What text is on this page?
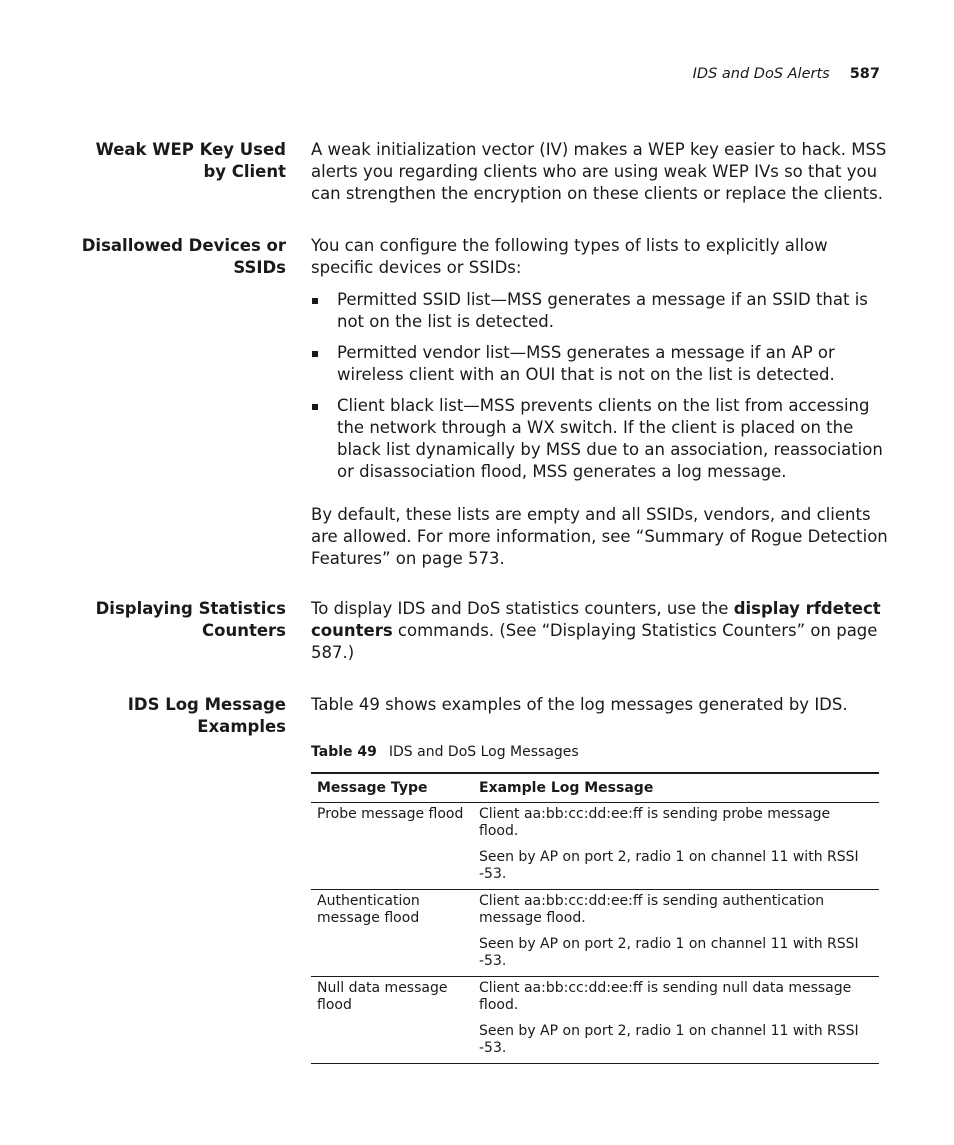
IDS and DoS Alerts 587
Weak WEP Key Used
by Client

A weak initialization vector (IV) makes a WEP key easier to hack. MSS alerts you regarding clients who are using weak WEP IVs so that you can strengthen the encryption on these clients or replace the clients.

Disallowed Devices or
SSIDs

You can configure the following types of lists to explicitly allow specific devices or SSIDs:

Permitted SSID list—MSS generates a message if an SSID that is not on the list is detected.
Permitted vendor list—MSS generates a message if an AP or wireless client with an OUI that is not on the list is detected.
Client black list—MSS prevents clients on the list from accessing the network through a WX switch. If the client is placed on the black list dynamically by MSS due to an association, reassociation or disassociation flood, MSS generates a log message.

By default, these lists are empty and all SSIDs, vendors, and clients are allowed. For more information, see “Summary of Rogue Detection Features” on page 573.

Displaying Statistics
Counters

To display IDS and DoS statistics counters, use the display rfdetect counters commands. (See “Displaying Statistics Counters” on page 587.)

IDS Log Message
Examples

Table 49 shows examples of the log messages generated by IDS.

Table 49 IDS and DoS Log Messages
Message Type	Example Log Message
Probe message flood	Client aa:bb:cc:dd:ee:ff is sending probe message flood.

Seen by AP on port 2, radio 1 on channel 11 with RSSI -53.

Authentication message flood	Client aa:bb:cc:dd:ee:ff is sending authentication message flood.

Seen by AP on port 2, radio 1 on channel 11 with RSSI -53.

Null data message flood	Client aa:bb:cc:dd:ee:ff is sending null data message flood.

Seen by AP on port 2, radio 1 on channel 11 with RSSI -53.
